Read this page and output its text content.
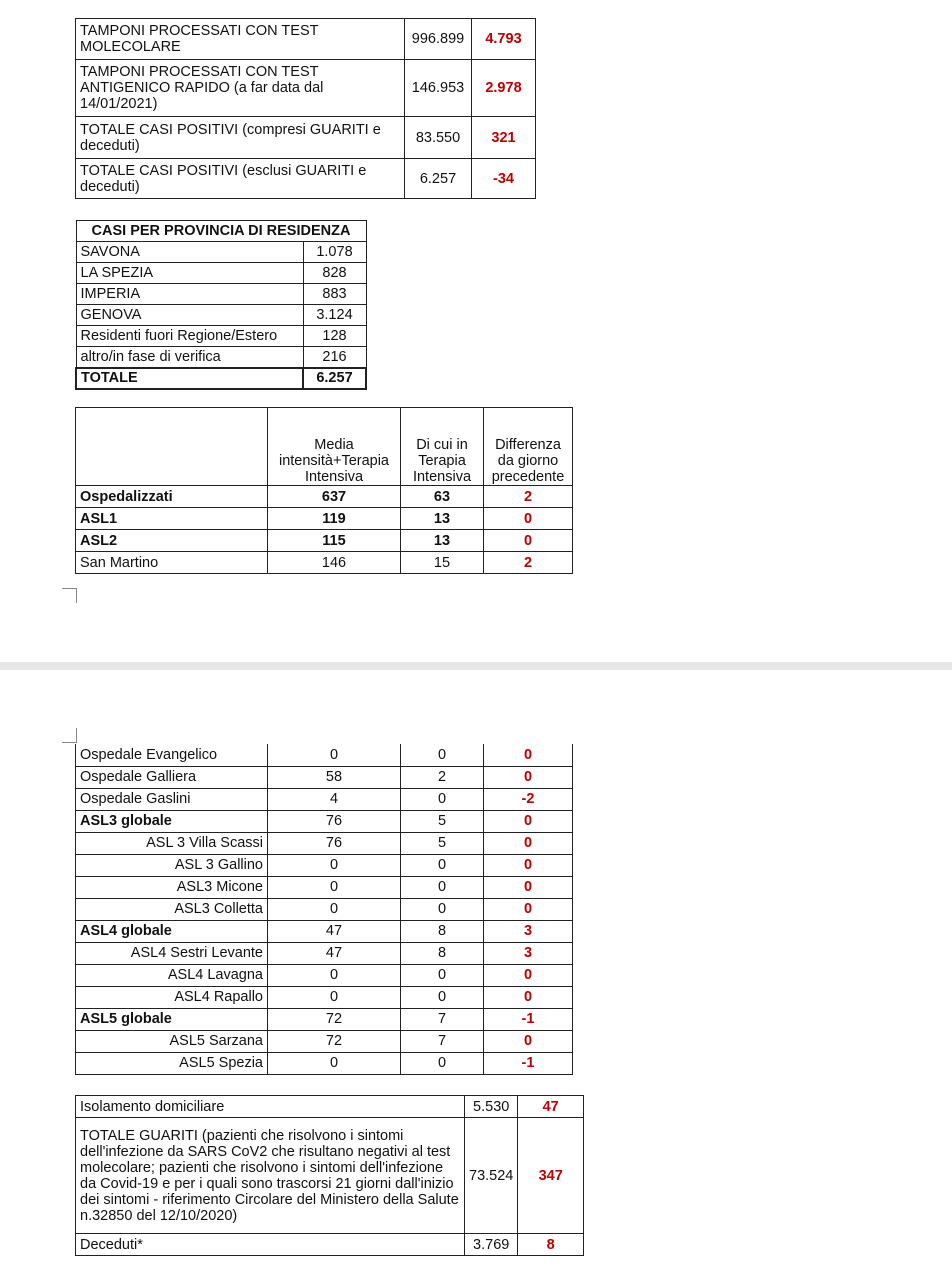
TAMPONI PROCESSATI CON TEST MOLECOLARE	996.899	4.793
TAMPONI PROCESSATI CON TEST ANTIGENICO RAPIDO (a far data dal 14/01/2021)	146.953	2.978
TOTALE CASI POSITIVI (compresi GUARITI e deceduti)	83.550	321
TOTALE CASI POSITIVI (esclusi GUARITI e deceduti)	6.257	-34
CASI PER PROVINCIA DI RESIDENZA	
SAVONA	1.078
LA SPEZIA	828
IMPERIA	883
GENOVA	3.124
Residenti fuori Regione/Estero	128
altro/in fase di verifica	216
TOTALE	6.257
	Media intensità+Terapia Intensiva	Di cui in Terapia Intensiva	Differenza da giorno precedente
Ospedalizzati	637	63	2
ASL1	119	13	0
ASL2	115	13	0
San Martino	146	15	2
Ospedale Evangelico	0	0	0
Ospedale Galliera	58	2	0
Ospedale Gaslini	4	0	-2
ASL3 globale	76	5	0
ASL 3 Villa Scassi	76	5	0
ASL 3 Gallino	0	0	0
ASL3 Micone	0	0	0
ASL3 Colletta	0	0	0
ASL4 globale	47	8	3
ASL4 Sestri Levante	47	8	3
ASL4 Lavagna	0	0	0
ASL4 Rapallo	0	0	0
ASL5 globale	72	7	-1
ASL5 Sarzana	72	7	0
ASL5 Spezia	0	0	-1
Isolamento domiciliare	5.530	47
TOTALE GUARITI (pazienti che risolvono i sintomi dell'infezione da SARS CoV2 che risultano negativi al test molecolare; pazienti che risolvono i sintomi dell'infezione da Covid-19 e per i quali sono trascorsi 21 giorni dall'inizio dei sintomi - riferimento Circolare del Ministero della Salute n.32850 del 12/10/2020)	73.524	347
Deceduti*	3.769	8
